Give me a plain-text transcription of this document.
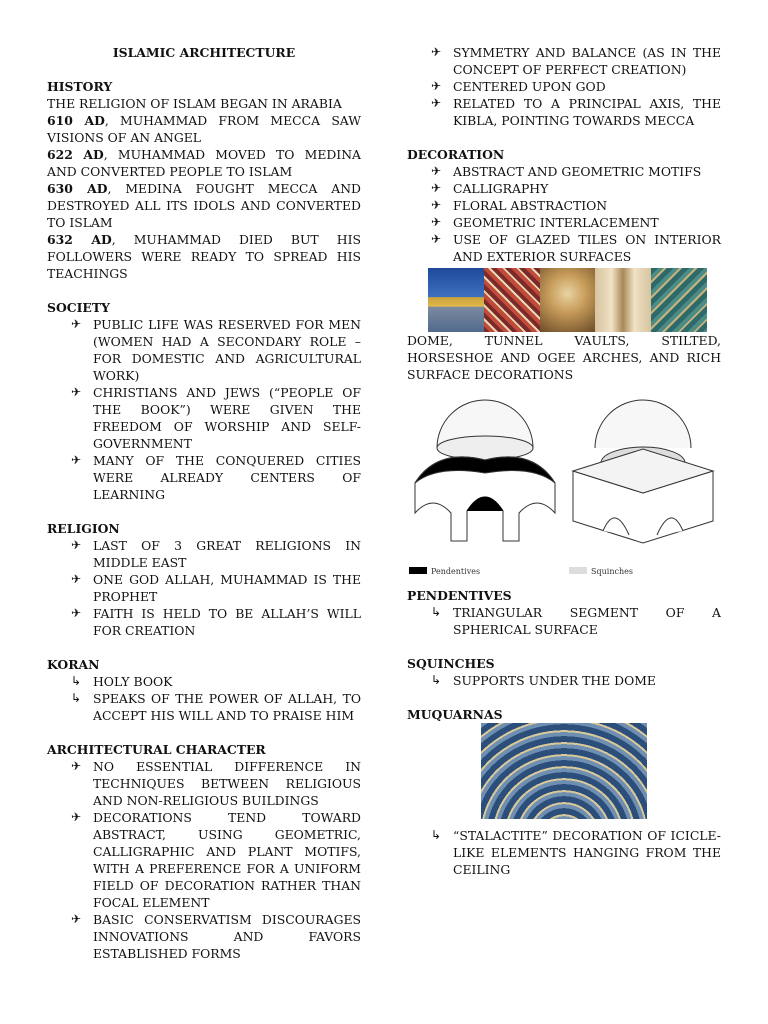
ISLAMIC ARCHITECTURE
HISTORY
THE RELIGION OF ISLAM BEGAN IN ARABIA
610 AD, MUHAMMAD FROM MECCA SAW VISIONS OF AN ANGEL
622 AD, MUHAMMAD MOVED TO MEDINA AND CONVERTED PEOPLE TO ISLAM
630 AD, MEDINA FOUGHT MECCA AND DESTROYED ALL ITS IDOLS AND CONVERTED TO ISLAM
632 AD, MUHAMMAD DIED BUT HIS FOLLOWERS WERE READY TO SPREAD HIS TEACHINGS
SOCIETY
✈ PUBLIC LIFE WAS RESERVED FOR MEN (WOMEN HAD A SECONDARY ROLE – FOR DOMESTIC AND AGRICULTURAL WORK)
✈ CHRISTIANS AND JEWS (“PEOPLE OF THE BOOK”) WERE GIVEN THE FREEDOM OF WORSHIP AND SELF-GOVERNMENT
✈ MANY OF THE CONQUERED CITIES WERE ALREADY CENTERS OF LEARNING
RELIGION
✈ LAST OF 3 GREAT RELIGIONS IN MIDDLE EAST
✈ ONE GOD ALLAH, MUHAMMAD IS THE PROPHET
✈ FAITH IS HELD TO BE ALLAH’S WILL FOR CREATION
KORAN
↳ HOLY BOOK
↳ SPEAKS OF THE POWER OF ALLAH, TO ACCEPT HIS WILL AND TO PRAISE HIM
ARCHITECTURAL CHARACTER
✈ NO ESSENTIAL DIFFERENCE IN TECHNIQUES BETWEEN RELIGIOUS AND NON-RELIGIOUS BUILDINGS
✈ DECORATIONS TEND TOWARD ABSTRACT, USING GEOMETRIC, CALLIGRAPHIC AND PLANT MOTIFS, WITH A PREFERENCE FOR A UNIFORM FIELD OF DECORATION RATHER THAN FOCAL ELEMENT
✈ BASIC CONSERVATISM DISCOURAGES INNOVATIONS AND FAVORS ESTABLISHED FORMS
✈ SYMMETRY AND BALANCE (AS IN THE CONCEPT OF PERFECT CREATION)
✈ CENTERED UPON GOD
✈ RELATED TO A PRINCIPAL AXIS, THE KIBLA, POINTING TOWARDS MECCA
DECORATION
✈ ABSTRACT AND GEOMETRIC MOTIFS
✈ CALLIGRAPHY
✈ FLORAL ABSTRACTION
✈ GEOMETRIC INTERLACEMENT
✈ USE OF GLAZED TILES ON INTERIOR AND EXTERIOR SURFACES
DOME, TUNNEL VAULTS, STILTED, HORSESHOE AND OGEE ARCHES, AND RICH SURFACE DECORATIONS
Pendentives	Squinches
PENDENTIVES
↳ TRIANGULAR SEGMENT OF A SPHERICAL SURFACE
SQUINCHES
↳ SUPPORTS UNDER THE DOME
MUQUARNAS
↳ “STALACTITE” DECORATION OF ICICLE-LIKE ELEMENTS HANGING FROM THE CEILING
